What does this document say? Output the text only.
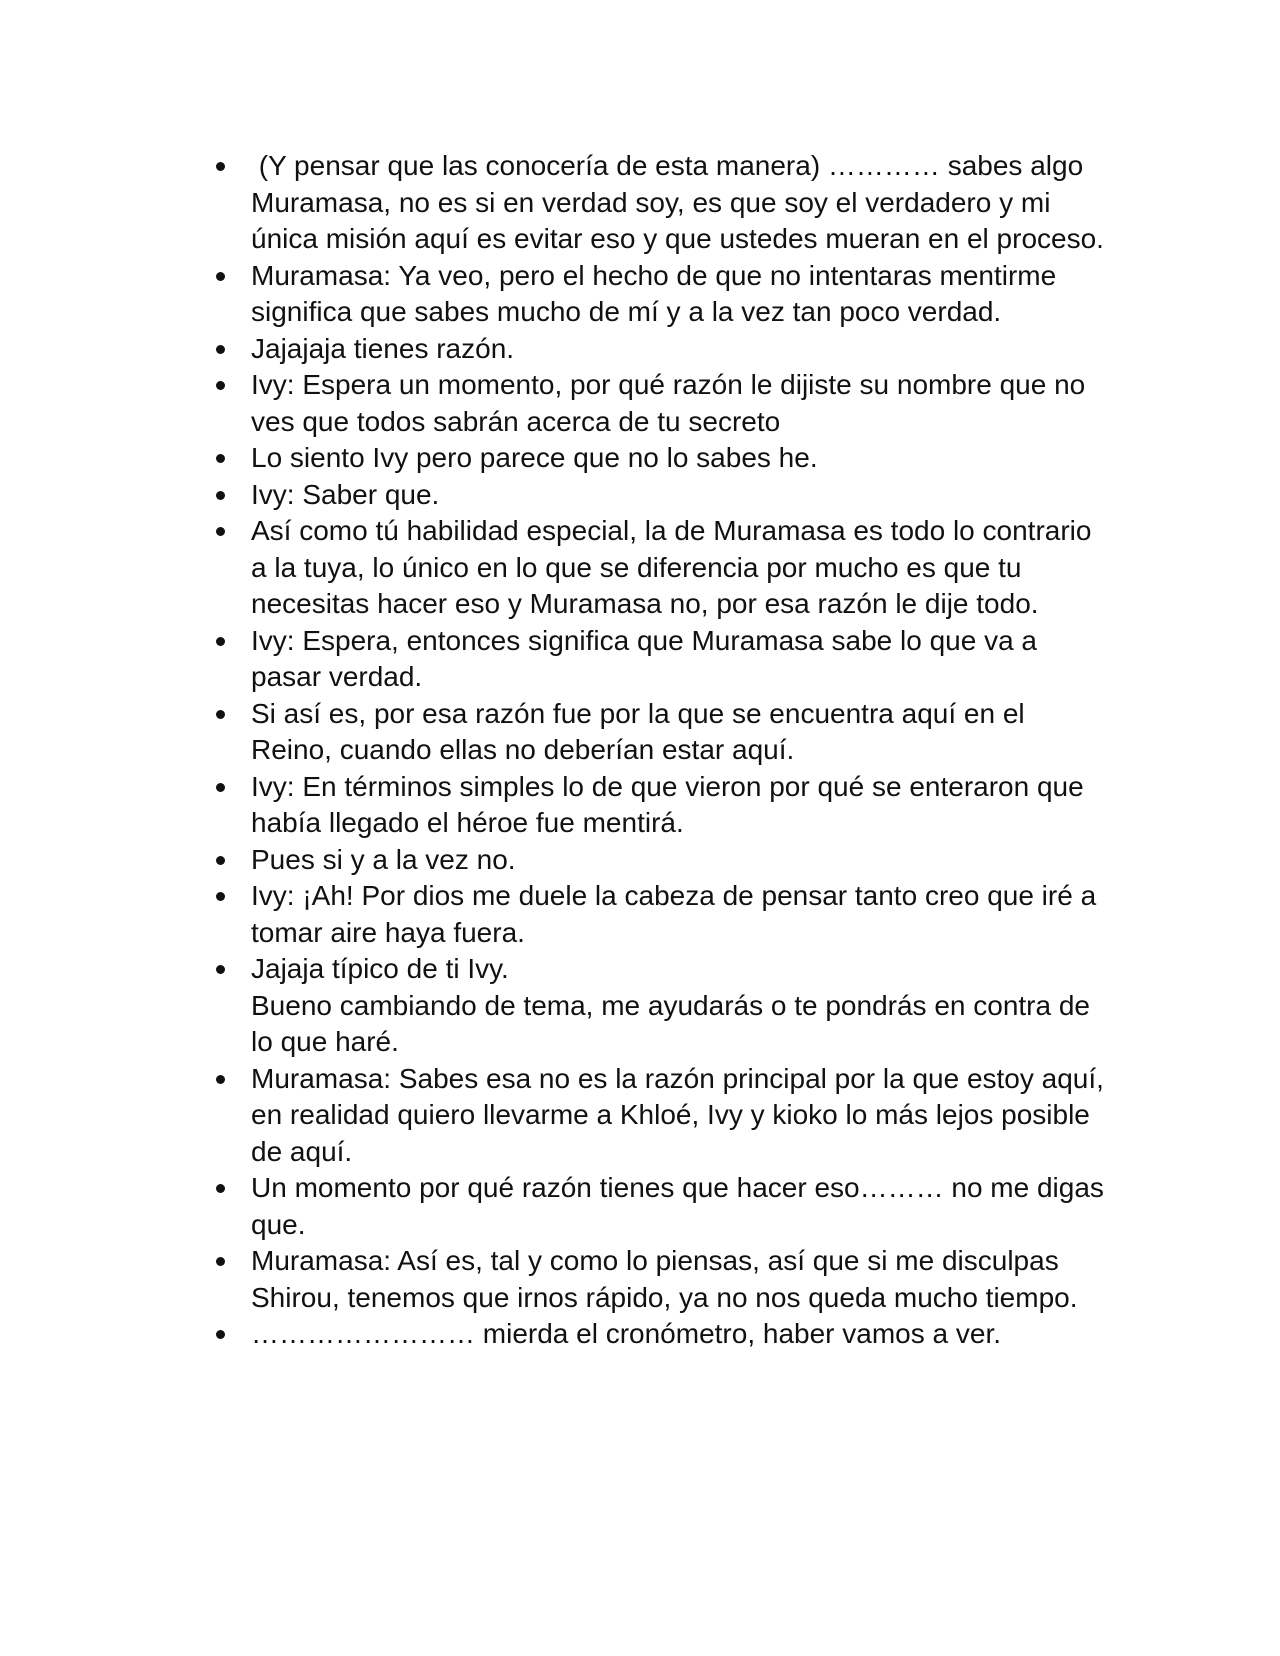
(Y pensar que las conocería de esta manera) ………… sabes algo Muramasa, no es si en verdad soy, es que soy el verdadero y mi única misión aquí es evitar eso y que ustedes mueran en el proceso.
Muramasa: Ya veo, pero el hecho de que no intentaras mentirme significa que sabes mucho de mí y a la vez tan poco verdad.
Jajajaja tienes razón.
Ivy: Espera un momento, por qué razón le dijiste su nombre que no ves que todos sabrán acerca de tu secreto
Lo siento Ivy pero parece que no lo sabes he.
Ivy: Saber que.
Así como tú habilidad especial, la de Muramasa es todo lo contrario a la tuya, lo único en lo que se diferencia por mucho es que tu necesitas hacer eso y Muramasa no, por esa razón le dije todo.
Ivy: Espera, entonces significa que Muramasa sabe lo que va a pasar verdad.
Si así es, por esa razón fue por la que se encuentra aquí en el Reino, cuando ellas no deberían estar aquí.
Ivy: En términos simples lo de que vieron por qué se enteraron que había llegado el héroe fue mentirá.
Pues si y a la vez no.
Ivy: ¡Ah! Por dios me duele la cabeza de pensar tanto creo que iré a tomar aire haya fuera.
Jajaja típico de ti Ivy.
Bueno cambiando de tema, me ayudarás o te pondrás en contra de lo que haré.
Muramasa: Sabes esa no es la razón principal por la que estoy aquí, en realidad quiero llevarme a Khloé, Ivy y kioko lo más lejos posible de aquí.
Un momento por qué razón tienes que hacer eso……… no me digas que.
Muramasa: Así es, tal y como lo piensas, así que si me disculpas Shirou, tenemos que irnos rápido, ya no nos queda mucho tiempo.
…………………… mierda el cronómetro, haber vamos a ver.
